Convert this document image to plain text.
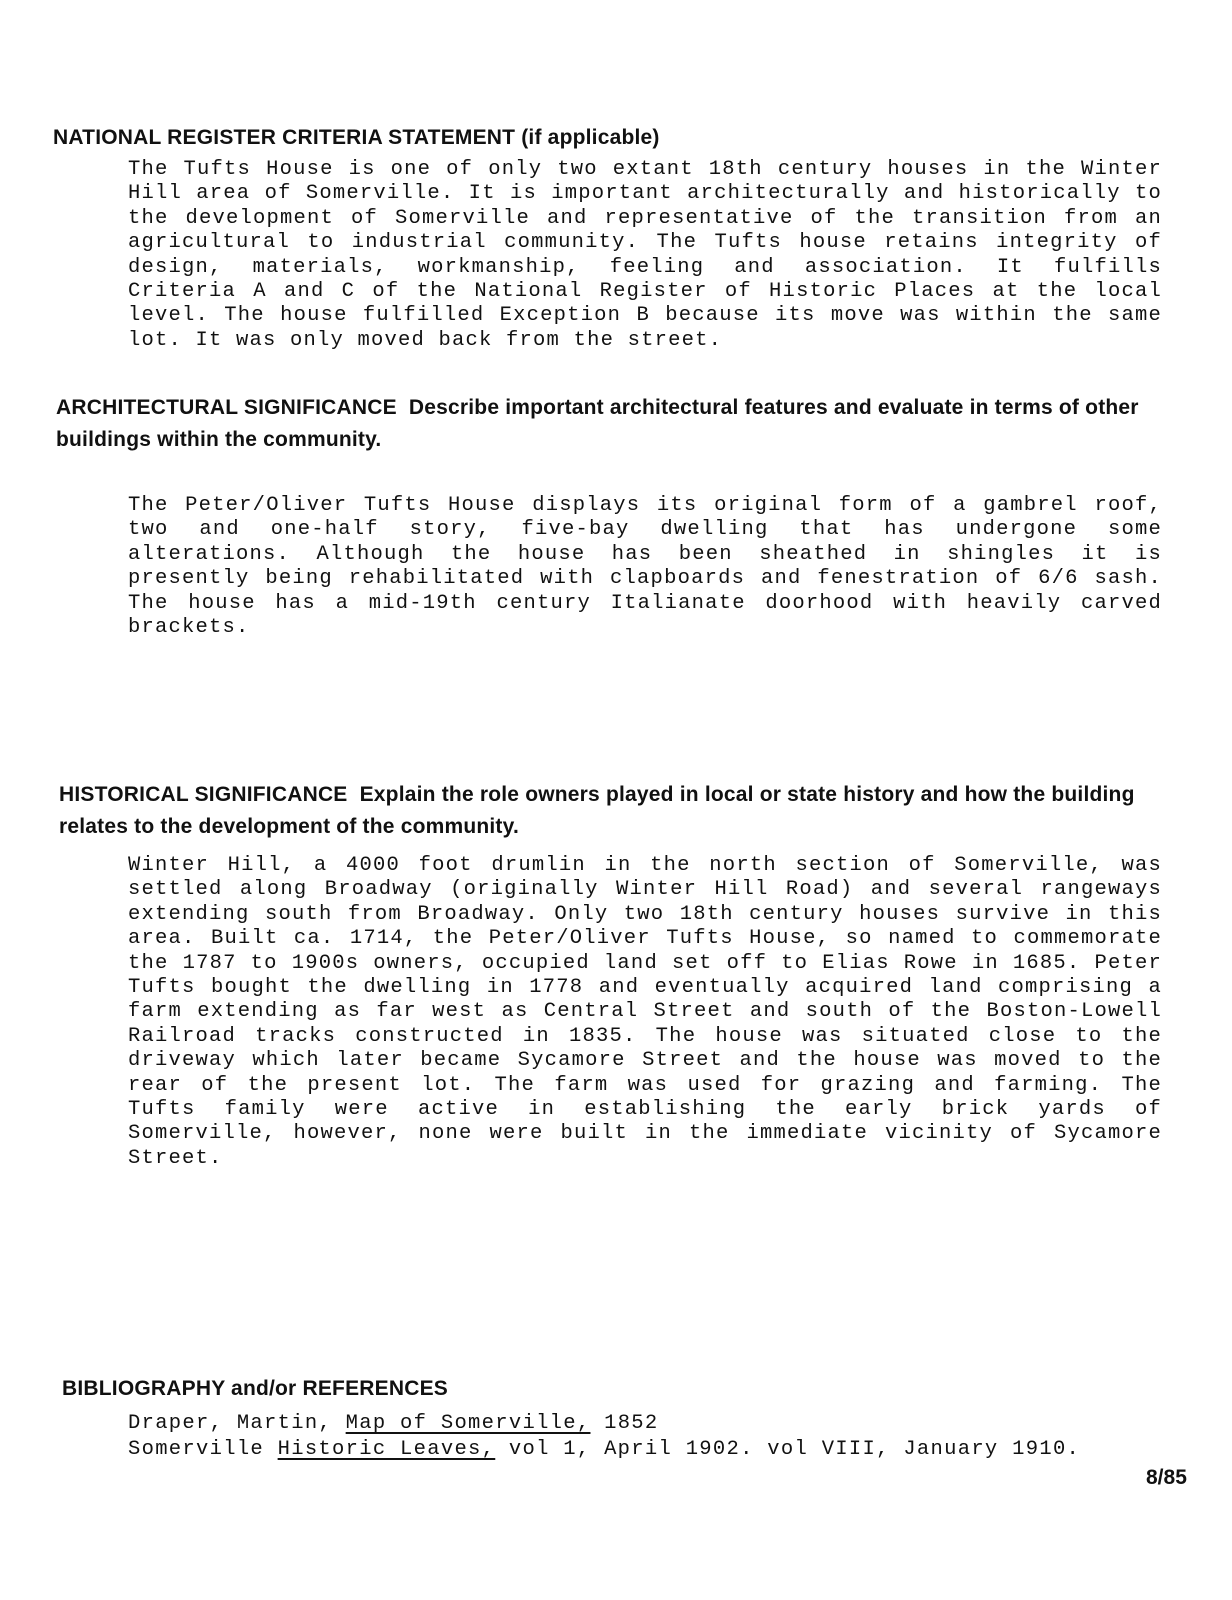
NATIONAL REGISTER CRITERIA STATEMENT (if applicable)

The Tufts House is one of only two extant 18th century houses in the Winter Hill area of Somerville. It is important architecturally and historically to the development of Somerville and representative of the transition from an agricultural to industrial community. The Tufts house retains integrity of design, materials, workmanship, feeling and association. It fulfills Criteria A and C of the National Register of Historic Places at the local level. The house fulfilled Exception B because its move was within the same lot. It was only moved back from the street.

ARCHITECTURAL SIGNIFICANCE Describe important architectural features and evaluate in terms of other buildings within the community.

The Peter/Oliver Tufts House displays its original form of a gambrel roof, two and one-half story, five-bay dwelling that has undergone some alterations. Although the house has been sheathed in shingles it is presently being rehabilitated with clapboards and fenestration of 6/6 sash. The house has a mid-19th century Italianate doorhood with heavily carved brackets.

HISTORICAL SIGNIFICANCE Explain the role owners played in local or state history and how the building relates to the development of the community.

Winter Hill, a 4000 foot drumlin in the north section of Somerville, was settled along Broadway (originally Winter Hill Road) and several rangeways extending south from Broadway. Only two 18th century houses survive in this area. Built ca. 1714, the Peter/Oliver Tufts House, so named to commemorate the 1787 to 1900s owners, occupied land set off to Elias Rowe in 1685. Peter Tufts bought the dwelling in 1778 and eventually acquired land comprising a farm extending as far west as Central Street and south of the Boston-Lowell Railroad tracks constructed in 1835. The house was situated close to the driveway which later became Sycamore Street and the house was moved to the rear of the present lot. The farm was used for grazing and farming. The Tufts family were active in establishing the early brick yards of Somerville, however, none were built in the immediate vicinity of Sycamore Street.

BIBLIOGRAPHY and/or REFERENCES
Draper, Martin, Map of Somerville, 1852
Somerville Historic Leaves, vol 1, April 1902. vol VIII, January 1910.
8/85
